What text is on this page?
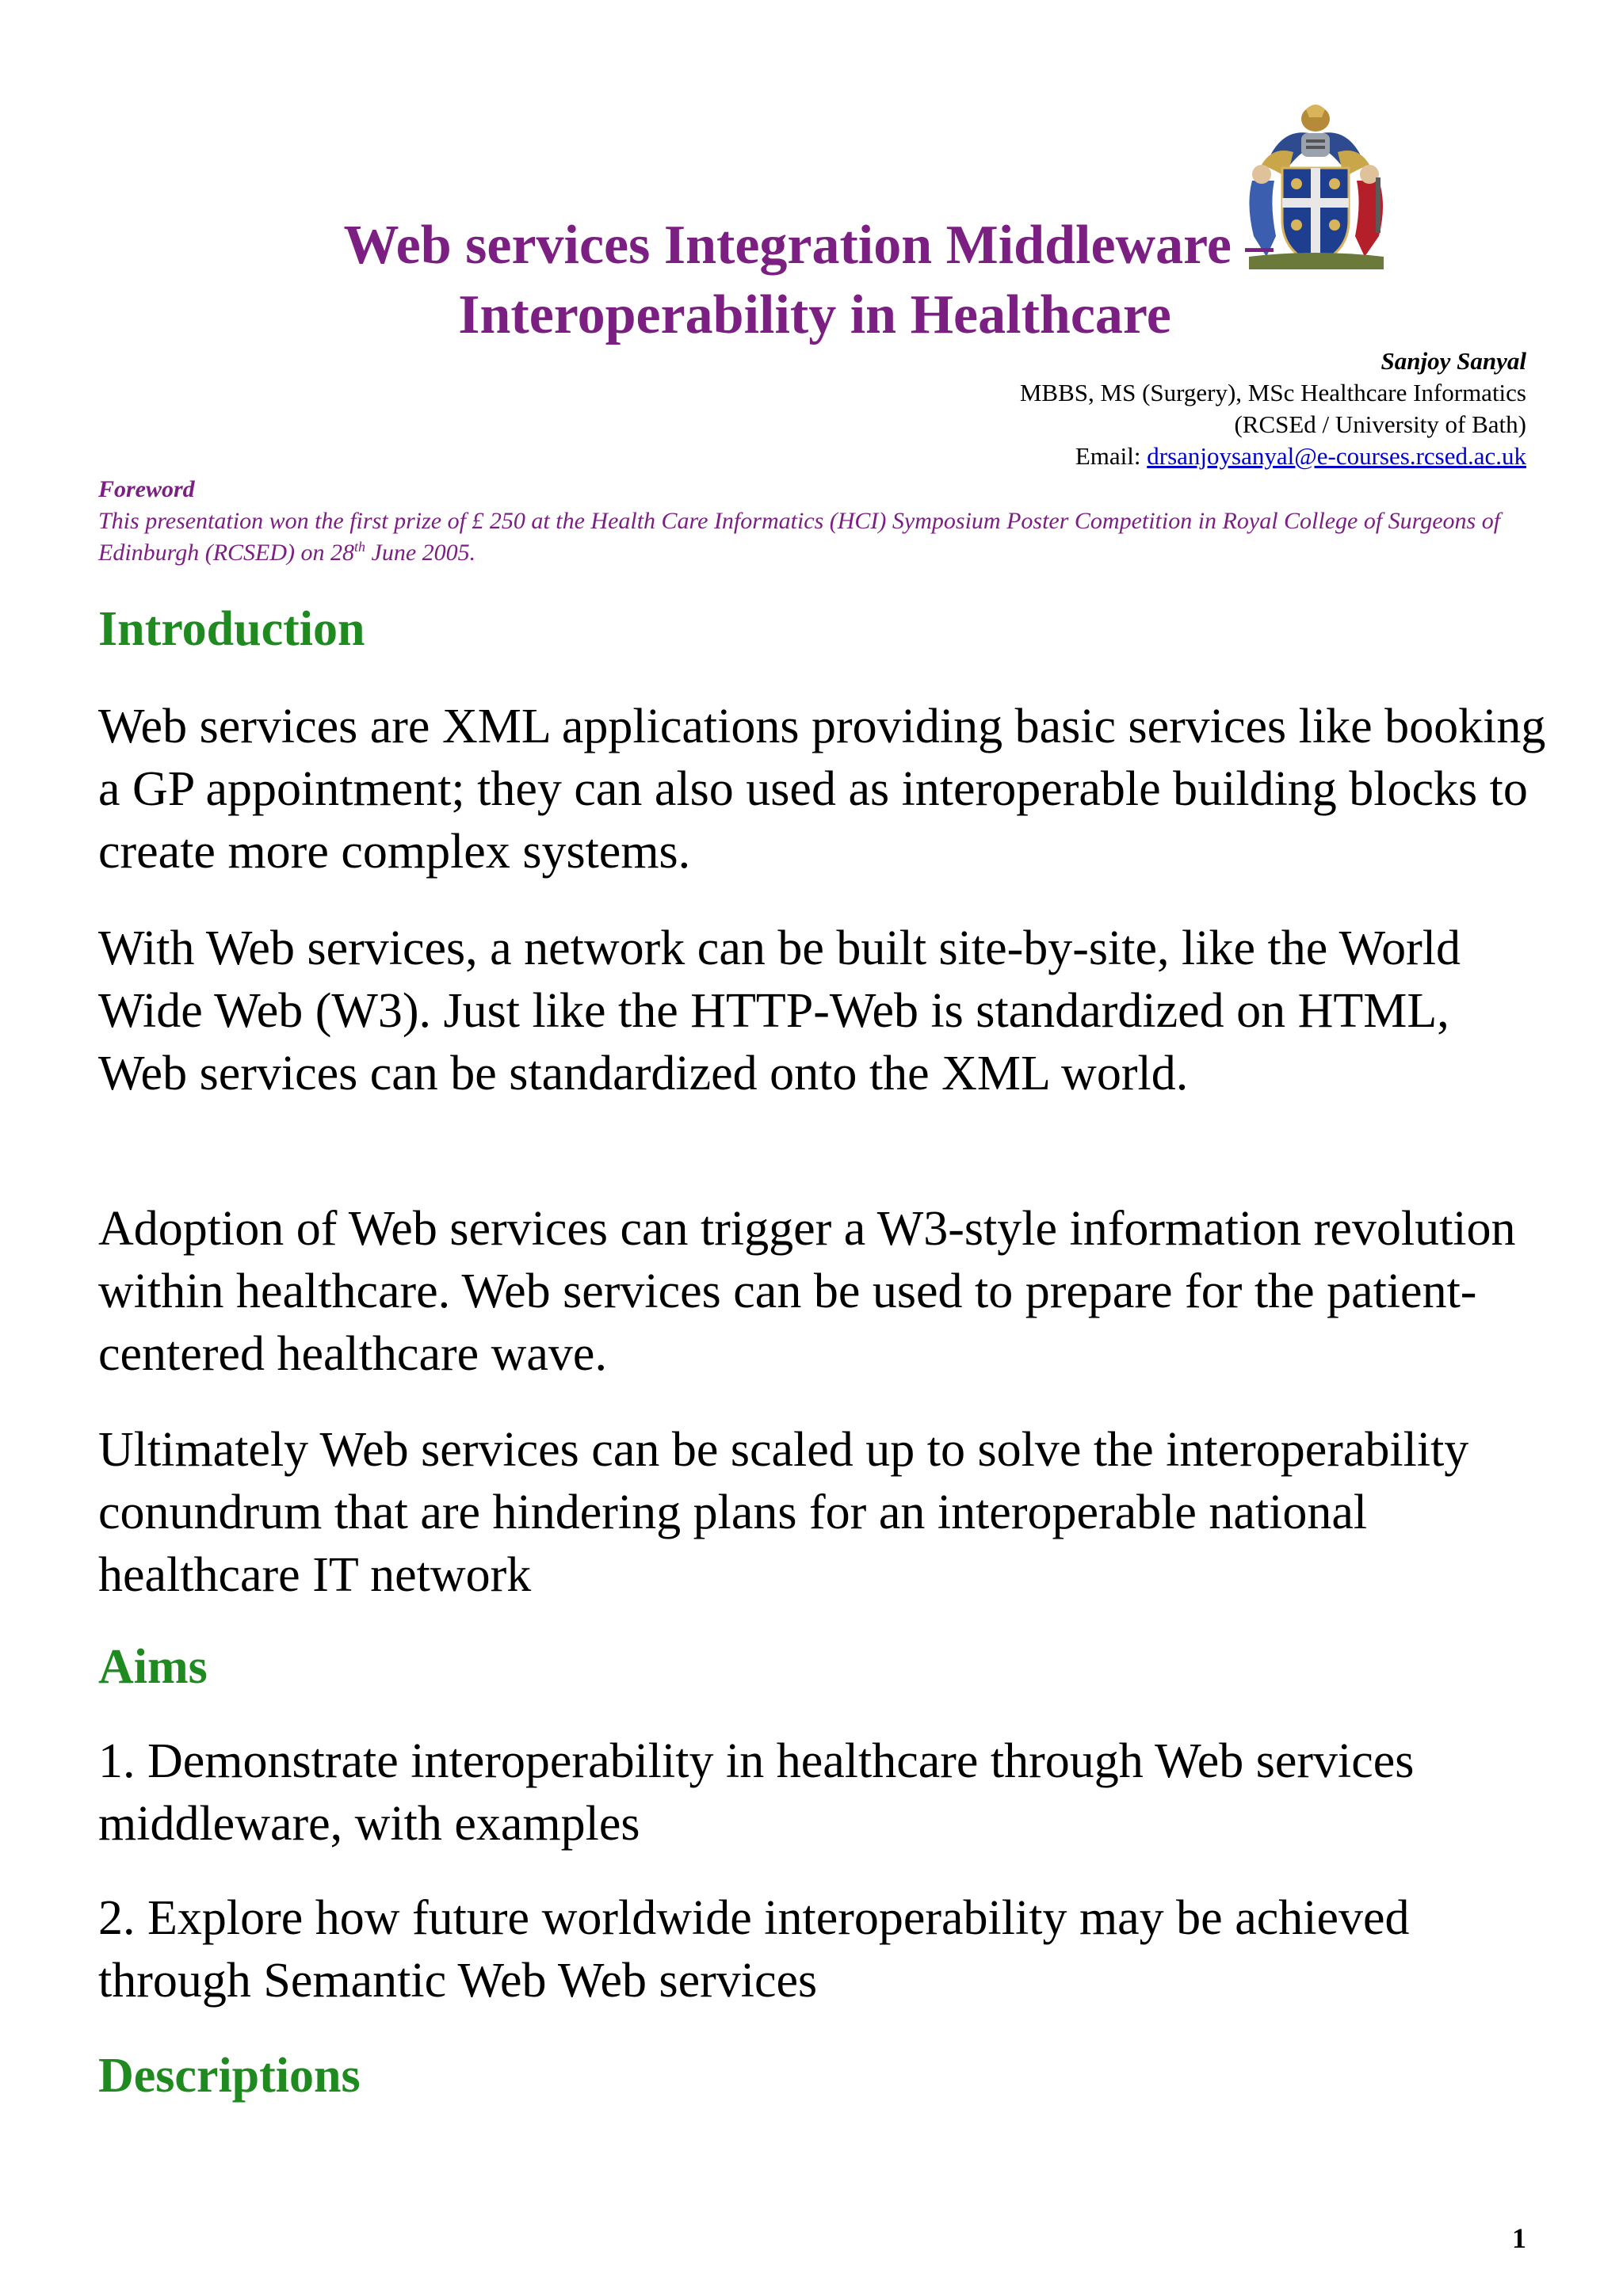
Web services Integration Middleware –
Interoperability in Healthcare
Sanjoy Sanyal
MBBS, MS (Surgery), MSc Healthcare Informatics
(RCSEd / University of Bath)
Email: drsanjoysanyal@e-courses.rcsed.ac.uk
Foreword
This presentation won the first prize of £ 250 at the Health Care Informatics (HCI) Symposium Poster Competition in Royal College of Surgeons of Edinburgh (RCSED) on 28th June 2005.
Introduction

Web services are XML applications providing basic services like booking a GP appointment; they can also used as interoperable building blocks to create more complex systems.

With Web services, a network can be built site-by-site, like the World Wide Web (W3). Just like the HTTP-Web is standardized on HTML, Web services can be standardized onto the XML world.

Adoption of Web services can trigger a W3-style information revolution within healthcare. Web services can be used to prepare for the patient-centered healthcare wave.

Ultimately Web services can be scaled up to solve the interoperability conundrum that are hindering plans for an interoperable national healthcare IT network

Aims

1. Demonstrate interoperability in healthcare through Web services middleware, with examples

2. Explore how future worldwide interoperability may be achieved through Semantic Web Web services

Descriptions
1
